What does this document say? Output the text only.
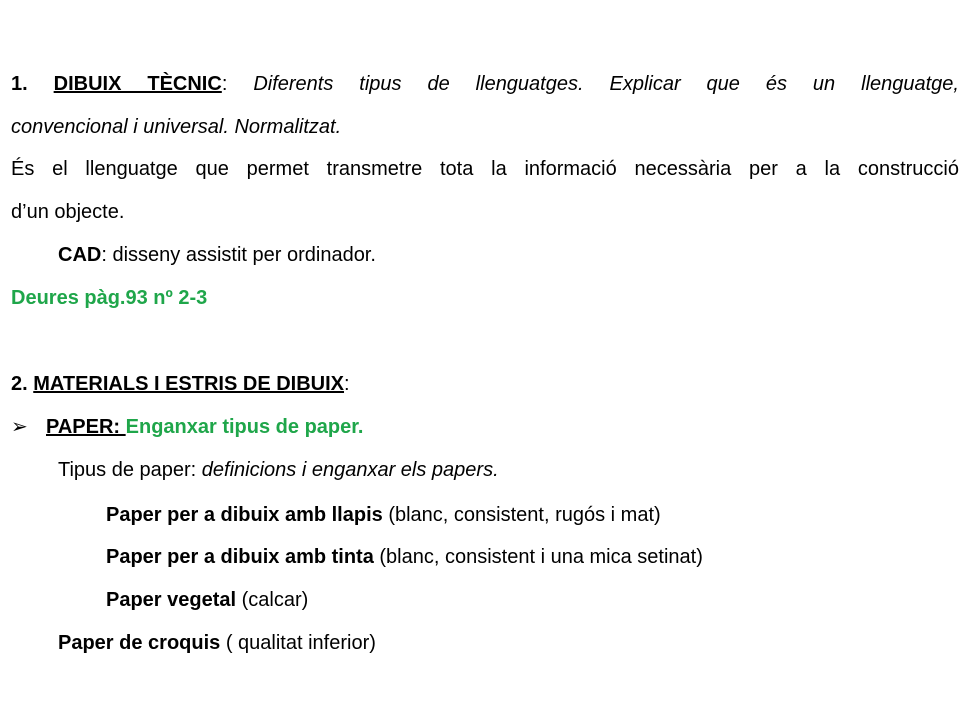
1. DIBUIX TÈCNIC: Diferents tipus de llenguatges. Explicar que és un llenguatge,
convencional i universal. Normalitzat.
És el llenguatge que permet transmetre tota la informació necessària per a la construcció
d’un objecte.
CAD: disseny assistit per ordinador.
Deures pàg.93 nº 2-3
2. MATERIALS I ESTRIS DE DIBUIX:
➢ PAPER: Enganxar tipus de paper.
Tipus de paper: definicions i enganxar els papers.
Paper per a dibuix amb llapis (blanc, consistent, rugós i mat)
Paper per a dibuix amb tinta (blanc, consistent i una mica setinat)
Paper vegetal (calcar)
Paper de croquis ( qualitat inferior)
